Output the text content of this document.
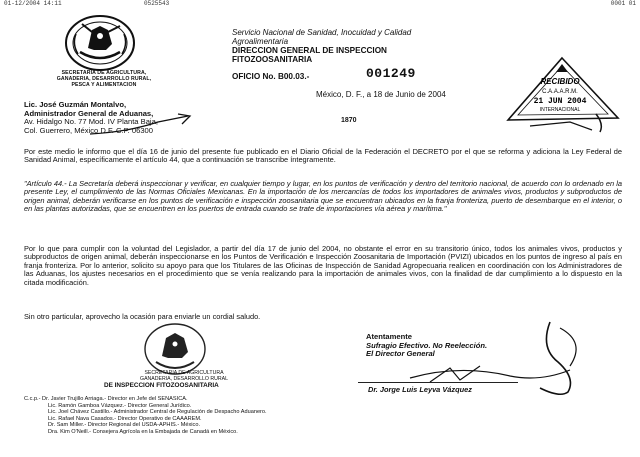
01-12/2004 14:11	0525543	0001 01
SECRETARIA DE AGRICULTURA,
GANADERIA, DESARROLLO RURAL,
PESCA Y ALIMENTACION
Servicio Nacional de Sanidad, Inocuidad y Calidad
Agroalimentaria
DIRECCION GENERAL DE INSPECCION
FITOZOOSANITARIA
OFICIO No. B00.03.-	001249
México, D. F., a 18 de Junio de 2004
RECIBIDO
C.A.A.A.R.M.
21 JUN 2004
INTERNACIONAL
Lic. José Guzmán Montalvo,
Administrador General de Aduanas,
Av. Hidalgo No. 77 Mod. IV Planta Baja,
Col. Guerrero, México D.F. C.P. 06300
1870
Por este medio le informo que el día 16 de junio del presente fue publicado en el Diario Oficial de la Federación el DECRETO por el que se reforma y adiciona la Ley Federal de Sanidad Animal, específicamente el artículo 44, que a continuación se transcribe íntegramente.
"Artículo 44.- La Secretaría deberá inspeccionar y verificar, en cualquier tiempo y lugar, en los puntos de verificación y dentro del territorio nacional, de acuerdo con lo ordenado en la presente Ley, el cumplimiento de las Normas Oficiales Mexicanas. En la importación de los mercancías de todos los importadores de animales vivos, productos y subproductos de origen animal, deberán verificarse en los puntos de verificación e inspección zoosanitaria que se encuentran ubicados en la franja fronteriza, puerto de desembarque en el interior, o en las plantas autorizadas, que se encuentren en los puertos de entrada cuando se trate de importaciones vía aérea y marítima."
Por lo que para cumplir con la voluntad del Legislador, a partir del día 17 de junio del 2004, no obstante el error en su transitorio único, todos los animales vivos, productos y subproductos de origen animal, deberán inspeccionarse en los Puntos de Verificación e Inspección Zoosanitaria de Importación (PVIZI) ubicados en los puntos de ingreso al país en franja fronteriza. Por lo anterior, solicito su apoyo para que los Titulares de las Oficinas de Inspección de Sanidad Agropecuaria realicen en coordinación con los Administradores de las Aduanas, los ajustes necesarios en el procedimiento que se venía realizando para la importación de animales vivos, con la finalidad de dar cumplimiento a lo dispuesto en la citada modificación.
Sin otro particular, aprovecho la ocasión para enviarle un cordial saludo.
SECRETARIA DE AGRICULTURA
GANADERIA, DESARROLLO RURAL
DE INSPECCION FITOZOOSANITARIA
Atentamente
Sufragio Efectivo. No Reelección.
El Director General
Dr. Jorge Luis Leyva Vázquez
C.c.p.- Dr. Javier Trujillo Arriaga.- Director en Jefe del SENASICA.
Lic. Ramón Gamboa Vázquez.- Director General Jurídico.
Lic. Joel Chávez Castillo.- Administrador Central de Regulación de Despacho Aduanero.
Lic. Rafael Nava Casados.- Director Operativo de CAAAREM.
Dr. Sam Miller.- Director Regional del USDA-APHIS.- México.
Dra. Kim O'Neill.- Consejera Agrícola en la Embajada de Canadá en México.
